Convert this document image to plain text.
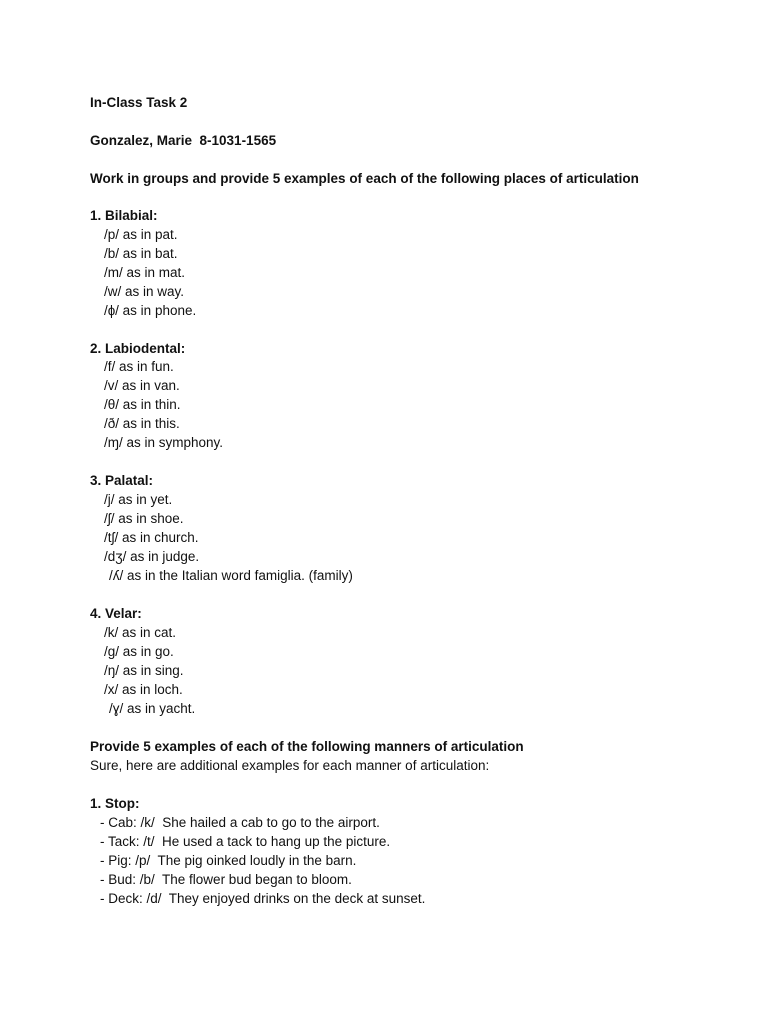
In-Class Task 2
Gonzalez, Marie  8-1031-1565
Work in groups and provide 5 examples of each of the following places of articulation
1. Bilabial:
/p/ as in pat.
/b/ as in bat.
/m/ as in mat.
/w/ as in way.
/ɸ/ as in phone.
2. Labiodental:
/f/ as in fun.
/v/ as in van.
/θ/ as in thin.
/ð/ as in this.
/ɱ/ as in symphony.
3. Palatal:
/j/ as in yet.
/ʃ/ as in shoe.
/tʃ/ as in church.
/dʒ/ as in judge.
/ʎ/ as in the Italian word famiglia. (family)
4. Velar:
/k/ as in cat.
/g/ as in go.
/ŋ/ as in sing.
/x/ as in loch.
/ɣ/ as in yacht.
Provide 5 examples of each of the following manners of articulation
Sure, here are additional examples for each manner of articulation:
1. Stop:
- Cab: /k/  She hailed a cab to go to the airport.
- Tack: /t/  He used a tack to hang up the picture.
- Pig: /p/  The pig oinked loudly in the barn.
- Bud: /b/  The flower bud began to bloom.
- Deck: /d/  They enjoyed drinks on the deck at sunset.
